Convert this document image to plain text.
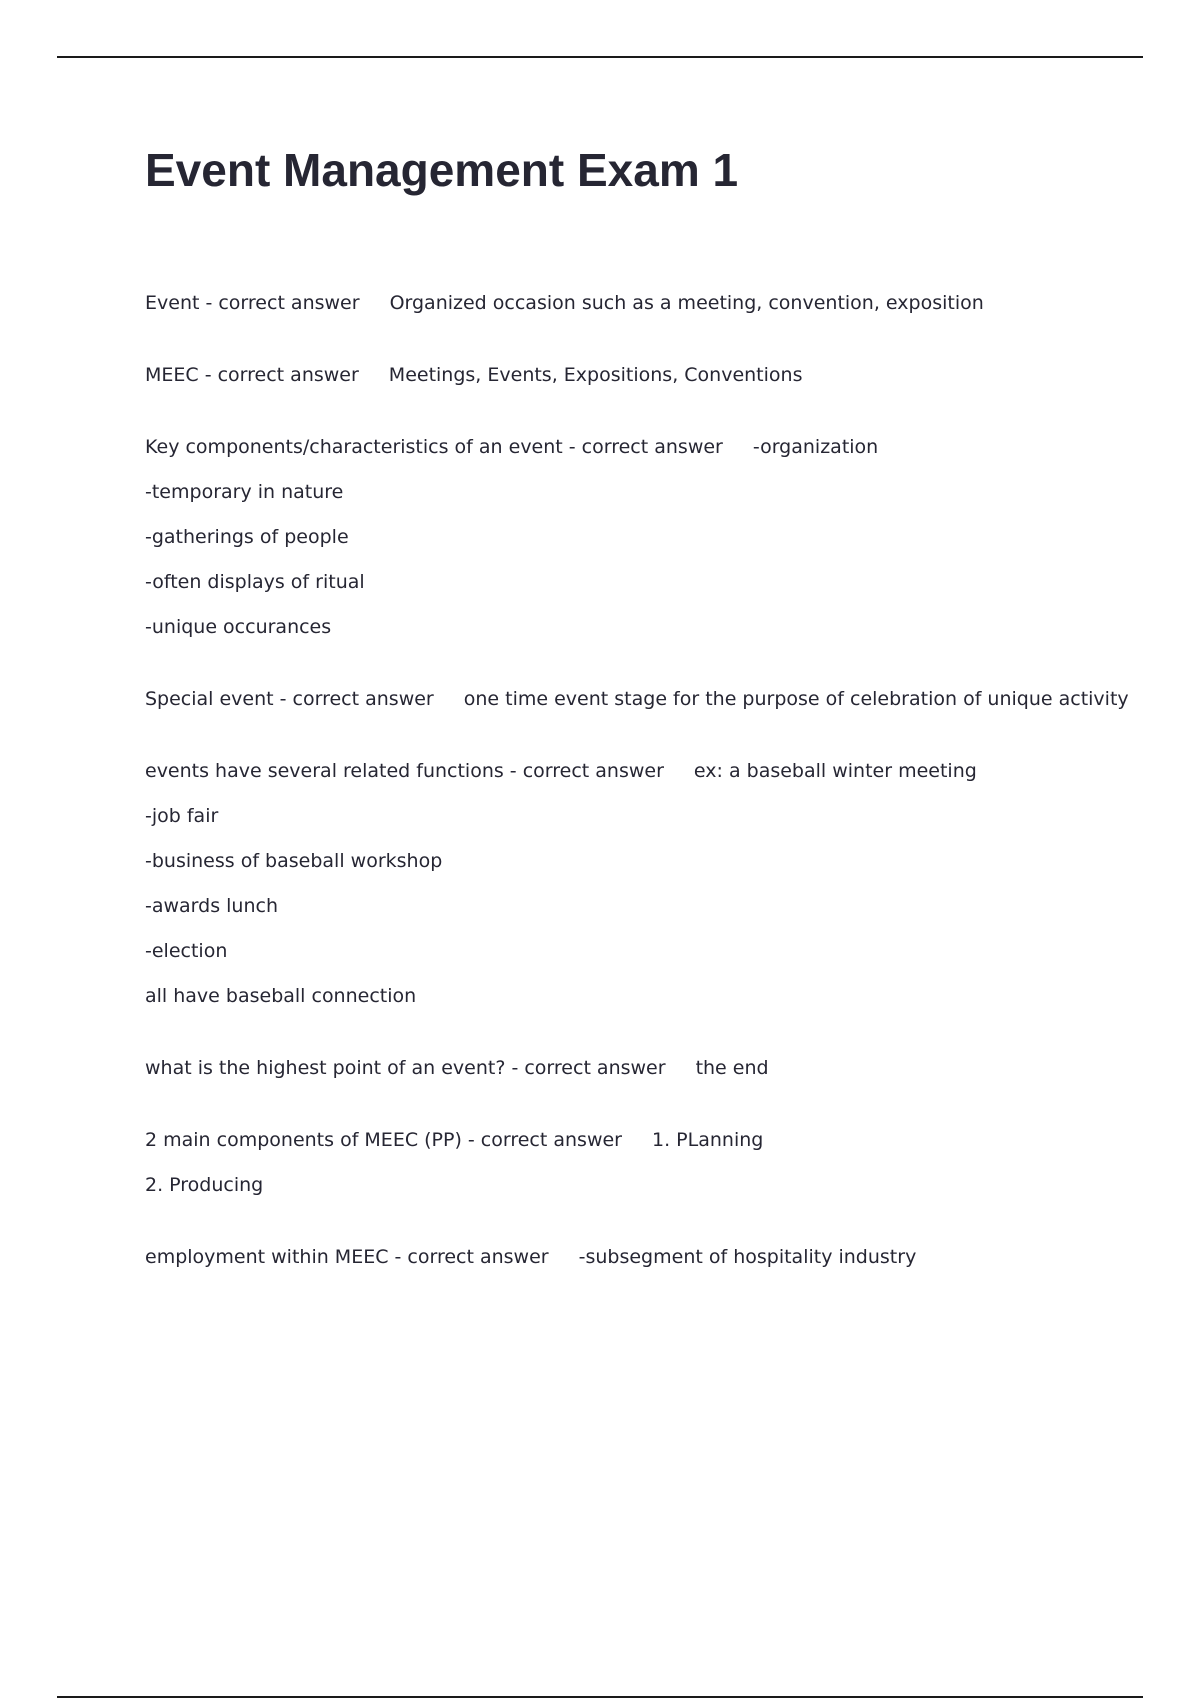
Event Management Exam 1
Event - correct answer Organized occasion such as a meeting, convention, exposition
MEEC - correct answer Meetings, Events, Expositions, Conventions
Key components/characteristics of an event - correct answer -organization
-temporary in nature
-gatherings of people
-often displays of ritual
-unique occurances
Special event - correct answer one time event stage for the purpose of celebration of unique activity
events have several related functions - correct answer ex: a baseball winter meeting
-job fair
-business of baseball workshop
-awards lunch
-election
all have baseball connection
what is the highest point of an event? - correct answer the end
2 main components of MEEC (PP) - correct answer 1. PLanning
2. Producing
employment within MEEC - correct answer -subsegment of hospitality industry
